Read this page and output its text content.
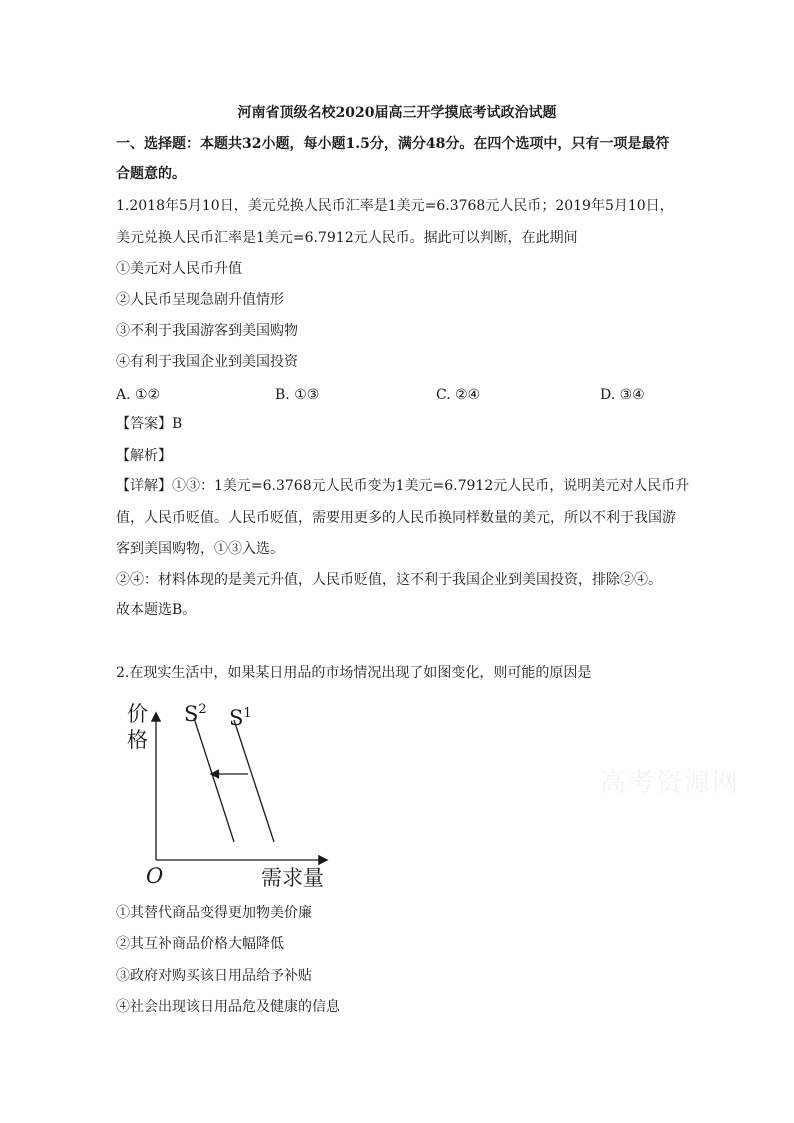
河南省顶级名校2020届高三开学摸底考试政治试题
一、选择题：本题共32小题，每小题1.5分，满分48分。在四个选项中，只有一项是最符
合题意的。
1.2018年5月10日，美元兑换人民币汇率是1美元=6.3768元人民币；2019年5月10日，
美元兑换人民币汇率是1美元=6.7912元人民币。据此可以判断，在此期间
①美元对人民币升值
②人民币呈现急剧升值情形
③不利于我国游客到美国购物
④有利于我国企业到美国投资
A. ①②	B. ①③	C. ②④	D. ③④
【答案】B
【解析】
【详解】①③：1美元=6.3768元人民币变为1美元=6.7912元人民币，说明美元对人民币升
值，人民币贬值。人民币贬值，需要用更多的人民币换同样数量的美元，所以不利于我国游
客到美国购物，①③入选。
②④：材料体现的是美元升值，人民币贬值，这不利于我国企业到美国投资，排除②④。
故本题选B。
2.在现实生活中，如果某日用品的市场情况出现了如图变化，则可能的原因是
价
格
$S^2$ $S^1$
O	需求量
高考资源网
①其替代商品变得更加物美价廉
②其互补商品价格大幅降低
③政府对购买该日用品给予补贴
④社会出现该日用品危及健康的信息
